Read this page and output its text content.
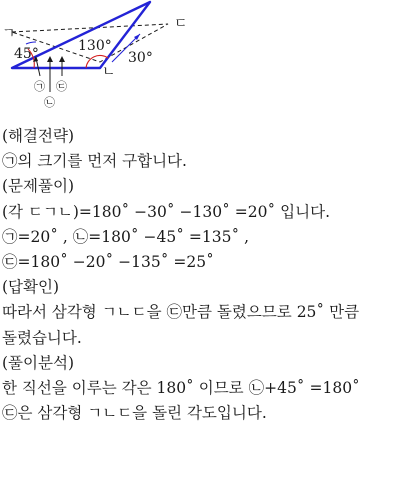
ㄱ
ㄷ
ㄴ
45°	130°
30°
㉠ ㉢
㉡
(해결전략)
㉠의 크기를 먼저 구합니다.
(문제풀이)
(각 ㄷㄱㄴ)=180˚ −30˚ −130˚ =20˚ 입니다.
㉠=20˚ , ㉡=180˚ −45˚ =135˚ ,
㉢=180˚ −20˚ −135˚ =25˚
(답확인)
따라서 삼각형 ㄱㄴㄷ을 ㉢만큼 돌렸으므로 25˚ 만큼
돌렸습니다.
(풀이분석)
한 직선을 이루는 각은 180˚ 이므로 ㉡+45˚ =180˚
㉢은 삼각형 ㄱㄴㄷ을 돌린 각도입니다.
